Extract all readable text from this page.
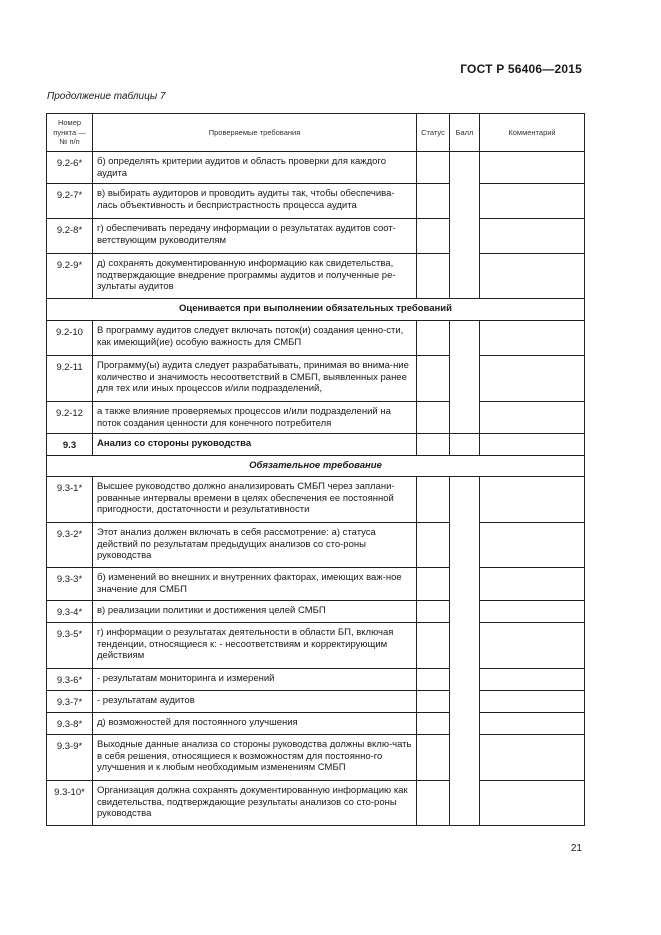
ГОСТ Р 56406—2015
Продолжение таблицы 7
Номер пункта — № п/п	Проверяемые требования	Статус	Балл	Комментарий
9.2-6*	б) определять критерии аудитов и область проверки для каждого аудита			
9.2-7*	в) выбирать аудиторов и проводить аудиты так, чтобы обеспечива-лась объективность и беспристрастность процесса аудита			
9.2-8*	г) обеспечивать передачу информации о результатах аудитов соот-ветствующим руководителям			
9.2-9*	д) сохранять документированную информацию как свидетельства, подтверждающие внедрение программы аудитов и полученные ре-зультаты аудитов			
Оценивается при выполнении обязательных требований				
9.2-10	В программу аудитов следует включать поток(и) создания ценно-сти, как имеющий(ие) особую важность для СМБП			
9.2-11	Программу(ы) аудита следует разрабатывать, принимая во внима-ние количество и значимость несоответствий в СМБП, выявленных ранее для тех или иных процессов и/или подразделений,			
9.2-12	а также влияние проверяемых процессов и/или подразделений на поток создания ценности для конечного потребителя			
9.3	Анализ со стороны руководства			
Обязательное требование				
9.3-1*	Высшее руководство должно анализировать СМБП через заплани-рованные интервалы времени в целях обеспечения ее постоянной пригодности, достаточности и результативности			
9.3-2*	Этот анализ должен включать в себя рассмотрение: а) статуса действий по результатам предыдущих анализов со сто-роны руководства			
9.3-3*	б) изменений во внешних и внутренних факторах, имеющих важ-ное значение для СМБП			
9.3-4*	в) реализации политики и достижения целей СМБП			
9.3-5*	г) информации о результатах деятельности в области БП, включая тенденции, относящиеся к: - несоответствиям и корректирующим действиям			
9.3-6*	- результатам мониторинга и измерений			
9.3-7*	- результатам аудитов			
9.3-8*	д) возможностей для постоянного улучшения			
9.3-9*	Выходные данные анализа со стороны руководства должны вклю-чать в себя решения, относящиеся к возможностям для постоянно-го улучшения и к любым необходимым изменениям СМБП			
9.3-10*	Организация должна сохранять документированную информацию как свидетельства, подтверждающие результаты анализов со сто-роны руководства			
21
